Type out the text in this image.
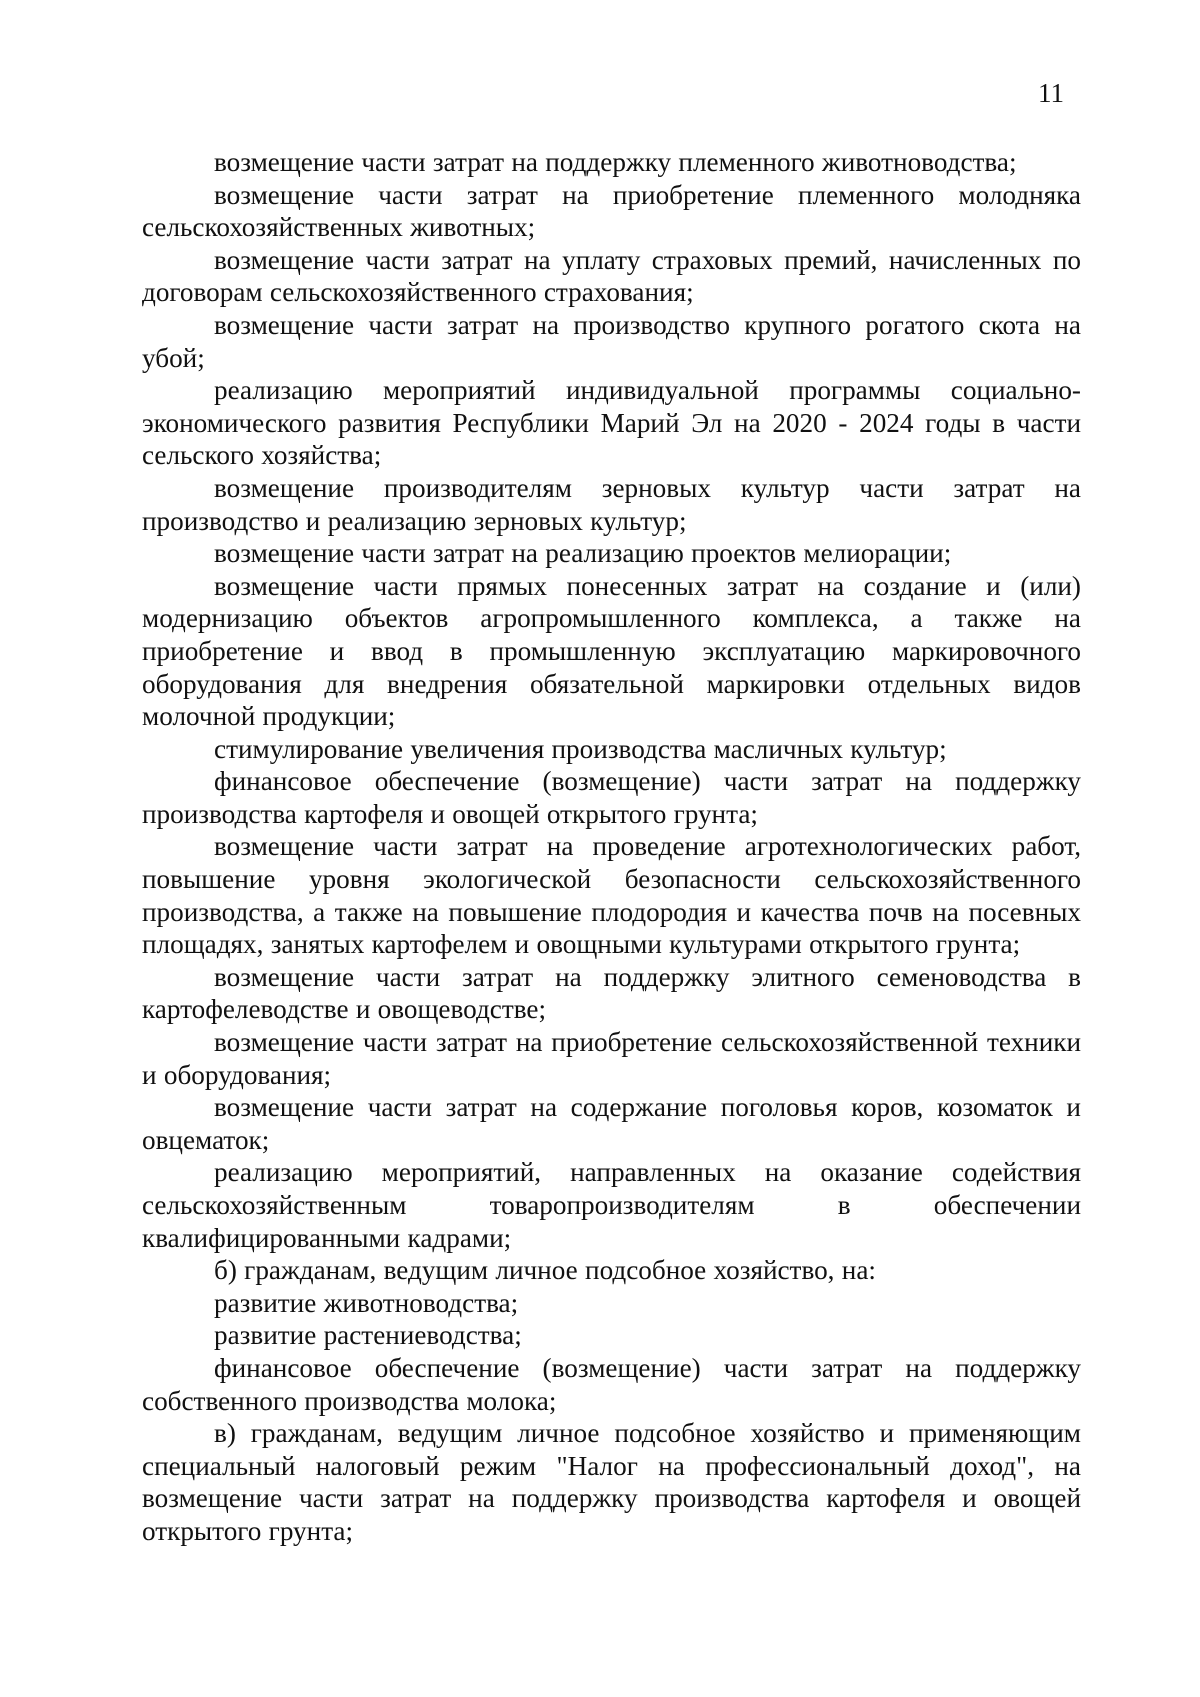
11

возмещение части затрат на поддержку племенного животноводства;

возмещение части затрат на приобретение племенного молодняка сельскохозяйственных животных;

возмещение части затрат на уплату страховых премий, начисленных по договорам сельскохозяйственного страхования;

возмещение части затрат на производство крупного рогатого скота на убой;

реализацию мероприятий индивидуальной программы социально-экономического развития Республики Марий Эл на 2020 - 2024 годы в части сельского хозяйства;

возмещение производителям зерновых культур части затрат на производство и реализацию зерновых культур;

возмещение части затрат на реализацию проектов мелиорации;

возмещение части прямых понесенных затрат на создание и (или) модернизацию объектов агропромышленного комплекса, а также на приобретение и ввод в промышленную эксплуатацию маркировочного оборудования для внедрения обязательной маркировки отдельных видов молочной продукции;

стимулирование увеличения производства масличных культур;

финансовое обеспечение (возмещение) части затрат на поддержку производства картофеля и овощей открытого грунта;

возмещение части затрат на проведение агротехнологических работ, повышение уровня экологической безопасности сельскохозяйственного производства, а также на повышение плодородия и качества почв на посевных площадях, занятых картофелем и овощными культурами открытого грунта;

возмещение части затрат на поддержку элитного семеноводства в картофелеводстве и овощеводстве;

возмещение части затрат на приобретение сельскохозяйственной техники и оборудования;

возмещение части затрат на содержание поголовья коров, козоматок и овцематок;

реализацию мероприятий, направленных на оказание содействия сельскохозяйственным товаропроизводителям в обеспечении квалифицированными кадрами;

б) гражданам, ведущим личное подсобное хозяйство, на:

развитие животноводства;

развитие растениеводства;

финансовое обеспечение (возмещение) части затрат на поддержку собственного производства молока;

в) гражданам, ведущим личное подсобное хозяйство и применяющим специальный налоговый режим "Налог на профессиональный доход", на возмещение части затрат на поддержку производства картофеля и овощей открытого грунта;
